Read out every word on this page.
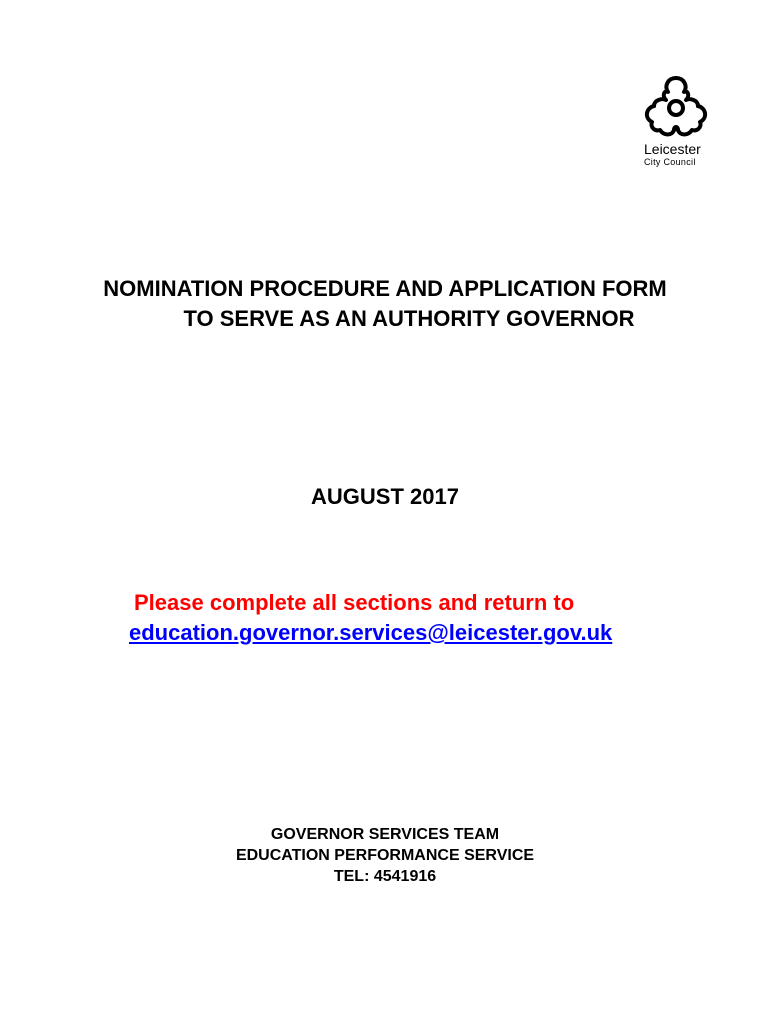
Leicester
City Council
NOMINATION PROCEDURE AND APPLICATION FORM
TO SERVE AS AN AUTHORITY GOVERNOR
AUGUST 2017
Please complete all sections and return to
education.governor.services@leicester.gov.uk
GOVERNOR SERVICES TEAM
EDUCATION PERFORMANCE SERVICE
TEL: 4541916
